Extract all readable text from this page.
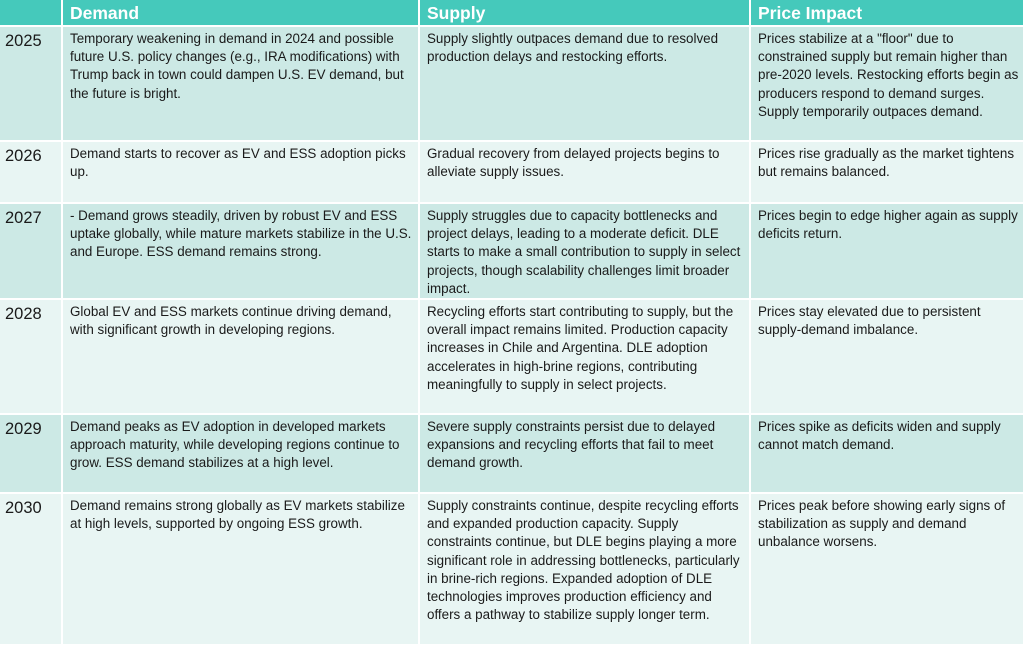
	Demand	Supply	Price Impact
2025	Temporary weakening in demand in 2024 and possible future U.S. policy changes (e.g., IRA modifications) with Trump back in town could dampen U.S. EV demand, but the future is bright.	Supply slightly outpaces demand due to resolved production delays and restocking efforts.	Prices stabilize at a "floor" due to constrained supply but remain higher than pre-2020 levels. Restocking efforts begin as producers respond to demand surges. Supply temporarily outpaces demand.
2026	Demand starts to recover as EV and ESS adoption picks up.	Gradual recovery from delayed projects begins to alleviate supply issues.	Prices rise gradually as the market tightens but remains balanced.
2027	- Demand grows steadily, driven by robust EV and ESS uptake globally, while mature markets stabilize in the U.S. and Europe. ESS demand remains strong.	Supply struggles due to capacity bottlenecks and project delays, leading to a moderate deficit. DLE starts to make a small contribution to supply in select projects, though scalability challenges limit broader impact.	Prices begin to edge higher again as supply deficits return.
2028	Global EV and ESS markets continue driving demand, with significant growth in developing regions.	Recycling efforts start contributing to supply, but the overall impact remains limited. Production capacity increases in Chile and Argentina. DLE adoption accelerates in high-brine regions, contributing meaningfully to supply in select projects.	Prices stay elevated due to persistent supply-demand imbalance.
2029	Demand peaks as EV adoption in developed markets approach maturity, while developing regions continue to grow. ESS demand stabilizes at a high level.	Severe supply constraints persist due to delayed expansions and recycling efforts that fail to meet demand growth.	Prices spike as deficits widen and supply cannot match demand.
2030	Demand remains strong globally as EV markets stabilize at high levels, supported by ongoing ESS growth.	Supply constraints continue, despite recycling efforts and expanded production capacity. Supply constraints continue, but DLE begins playing a more significant role in addressing bottlenecks, particularly in brine-rich regions. Expanded adoption of DLE technologies improves production efficiency and offers a pathway to stabilize supply longer term.	Prices peak before showing early signs of stabilization as supply and demand unbalance worsens.
